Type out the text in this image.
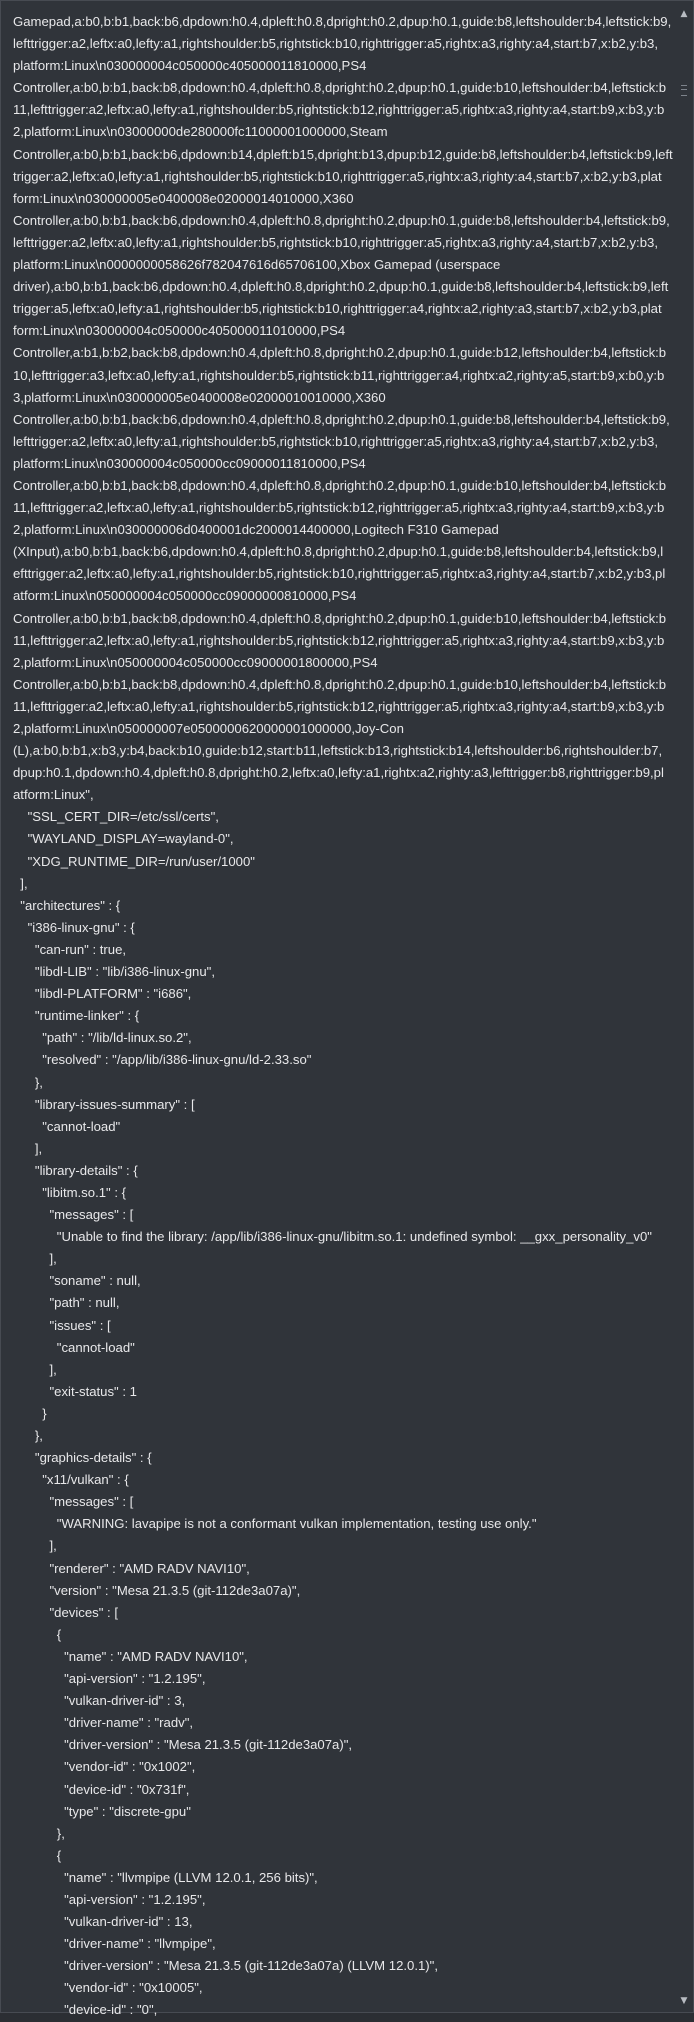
Gamepad,a:b0,b:b1,back:b6,dpdown:h0.4,dpleft:h0.8,dpright:h0.2,dpup:h0.1,guide:b8,leftshoulder:b4,leftstick:b9,
lefttrigger:a2,leftx:a0,lefty:a1,rightshoulder:b5,rightstick:b10,righttrigger:a5,rightx:a3,righty:a4,start:b7,x:b2,y:b3,
platform:Linux\n030000004c050000c405000011810000,PS4
Controller,a:b0,b:b1,back:b8,dpdown:h0.4,dpleft:h0.8,dpright:h0.2,dpup:h0.1,guide:b10,leftshoulder:b4,leftstick:b
11,lefttrigger:a2,leftx:a0,lefty:a1,rightshoulder:b5,rightstick:b12,righttrigger:a5,rightx:a3,righty:a4,start:b9,x:b3,y:b
2,platform:Linux\n03000000de280000fc11000001000000,Steam
Controller,a:b0,b:b1,back:b6,dpdown:b14,dpleft:b15,dpright:b13,dpup:b12,guide:b8,leftshoulder:b4,leftstick:b9,left
trigger:a2,leftx:a0,lefty:a1,rightshoulder:b5,rightstick:b10,righttrigger:a5,rightx:a3,righty:a4,start:b7,x:b2,y:b3,plat
form:Linux\n030000005e0400008e02000014010000,X360
Controller,a:b0,b:b1,back:b6,dpdown:h0.4,dpleft:h0.8,dpright:h0.2,dpup:h0.1,guide:b8,leftshoulder:b4,leftstick:b9,
lefttrigger:a2,leftx:a0,lefty:a1,rightshoulder:b5,rightstick:b10,righttrigger:a5,rightx:a3,righty:a4,start:b7,x:b2,y:b3,
platform:Linux\n0000000058626f782047616d65706100,Xbox Gamepad (userspace
driver),a:b0,b:b1,back:b6,dpdown:h0.4,dpleft:h0.8,dpright:h0.2,dpup:h0.1,guide:b8,leftshoulder:b4,leftstick:b9,left
trigger:a5,leftx:a0,lefty:a1,rightshoulder:b5,rightstick:b10,righttrigger:a4,rightx:a2,righty:a3,start:b7,x:b2,y:b3,plat
form:Linux\n030000004c050000c405000011010000,PS4
Controller,a:b1,b:b2,back:b8,dpdown:h0.4,dpleft:h0.8,dpright:h0.2,dpup:h0.1,guide:b12,leftshoulder:b4,leftstick:b
10,lefttrigger:a3,leftx:a0,lefty:a1,rightshoulder:b5,rightstick:b11,righttrigger:a4,rightx:a2,righty:a5,start:b9,x:b0,y:b
3,platform:Linux\n030000005e0400008e02000010010000,X360
Controller,a:b0,b:b1,back:b6,dpdown:h0.4,dpleft:h0.8,dpright:h0.2,dpup:h0.1,guide:b8,leftshoulder:b4,leftstick:b9,
lefttrigger:a2,leftx:a0,lefty:a1,rightshoulder:b5,rightstick:b10,righttrigger:a5,rightx:a3,righty:a4,start:b7,x:b2,y:b3,
platform:Linux\n030000004c050000cc09000011810000,PS4
Controller,a:b0,b:b1,back:b8,dpdown:h0.4,dpleft:h0.8,dpright:h0.2,dpup:h0.1,guide:b10,leftshoulder:b4,leftstick:b
11,lefttrigger:a2,leftx:a0,lefty:a1,rightshoulder:b5,rightstick:b12,righttrigger:a5,rightx:a3,righty:a4,start:b9,x:b3,y:b
2,platform:Linux\n030000006d0400001dc2000014400000,Logitech F310 Gamepad
(XInput),a:b0,b:b1,back:b6,dpdown:h0.4,dpleft:h0.8,dpright:h0.2,dpup:h0.1,guide:b8,leftshoulder:b4,leftstick:b9,l
efttrigger:a2,leftx:a0,lefty:a1,rightshoulder:b5,rightstick:b10,righttrigger:a5,rightx:a3,righty:a4,start:b7,x:b2,y:b3,pl
atform:Linux\n050000004c050000cc09000000810000,PS4
Controller,a:b0,b:b1,back:b8,dpdown:h0.4,dpleft:h0.8,dpright:h0.2,dpup:h0.1,guide:b10,leftshoulder:b4,leftstick:b
11,lefttrigger:a2,leftx:a0,lefty:a1,rightshoulder:b5,rightstick:b12,righttrigger:a5,rightx:a3,righty:a4,start:b9,x:b3,y:b
2,platform:Linux\n050000004c050000cc09000001800000,PS4
Controller,a:b0,b:b1,back:b8,dpdown:h0.4,dpleft:h0.8,dpright:h0.2,dpup:h0.1,guide:b10,leftshoulder:b4,leftstick:b
11,lefttrigger:a2,leftx:a0,lefty:a1,rightshoulder:b5,rightstick:b12,righttrigger:a5,rightx:a3,righty:a4,start:b9,x:b3,y:b
2,platform:Linux\n050000007e0500000620000001000000,Joy-Con
(L),a:b0,b:b1,x:b3,y:b4,back:b10,guide:b12,start:b11,leftstick:b13,rightstick:b14,leftshoulder:b6,rightshoulder:b7,
dpup:h0.1,dpdown:h0.4,dpleft:h0.8,dpright:h0.2,leftx:a0,lefty:a1,rightx:a2,righty:a3,lefttrigger:b8,righttrigger:b9,pl
atform:Linux",
"SSL_CERT_DIR=/etc/ssl/certs",
"WAYLAND_DISPLAY=wayland-0",
"XDG_RUNTIME_DIR=/run/user/1000"
],
"architectures" : {
"i386-linux-gnu" : {
"can-run" : true,
"libdl-LIB" : "lib/i386-linux-gnu",
"libdl-PLATFORM" : "i686",
"runtime-linker" : {
"path" : "/lib/ld-linux.so.2",
"resolved" : "/app/lib/i386-linux-gnu/ld-2.33.so"
},
"library-issues-summary" : [
"cannot-load"
],
"library-details" : {
"libitm.so.1" : {
"messages" : [
"Unable to find the library: /app/lib/i386-linux-gnu/libitm.so.1: undefined symbol: __gxx_personality_v0"
],
"soname" : null,
"path" : null,
"issues" : [
"cannot-load"
],
"exit-status" : 1
}
},
"graphics-details" : {
"x11/vulkan" : {
"messages" : [
"WARNING: lavapipe is not a conformant vulkan implementation, testing use only."
],
"renderer" : "AMD RADV NAVI10",
"version" : "Mesa 21.3.5 (git-112de3a07a)",
"devices" : [
{
"name" : "AMD RADV NAVI10",
"api-version" : "1.2.195",
"vulkan-driver-id" : 3,
"driver-name" : "radv",
"driver-version" : "Mesa 21.3.5 (git-112de3a07a)",
"vendor-id" : "0x1002",
"device-id" : "0x731f",
"type" : "discrete-gpu"
},
{
"name" : "llvmpipe (LLVM 12.0.1, 256 bits)",
"api-version" : "1.2.195",
"vulkan-driver-id" : 13,
"driver-name" : "llvmpipe",
"driver-version" : "Mesa 21.3.5 (git-112de3a07a) (LLVM 12.0.1)",
"vendor-id" : "0x10005",
"device-id" : "0",
▲
▼
